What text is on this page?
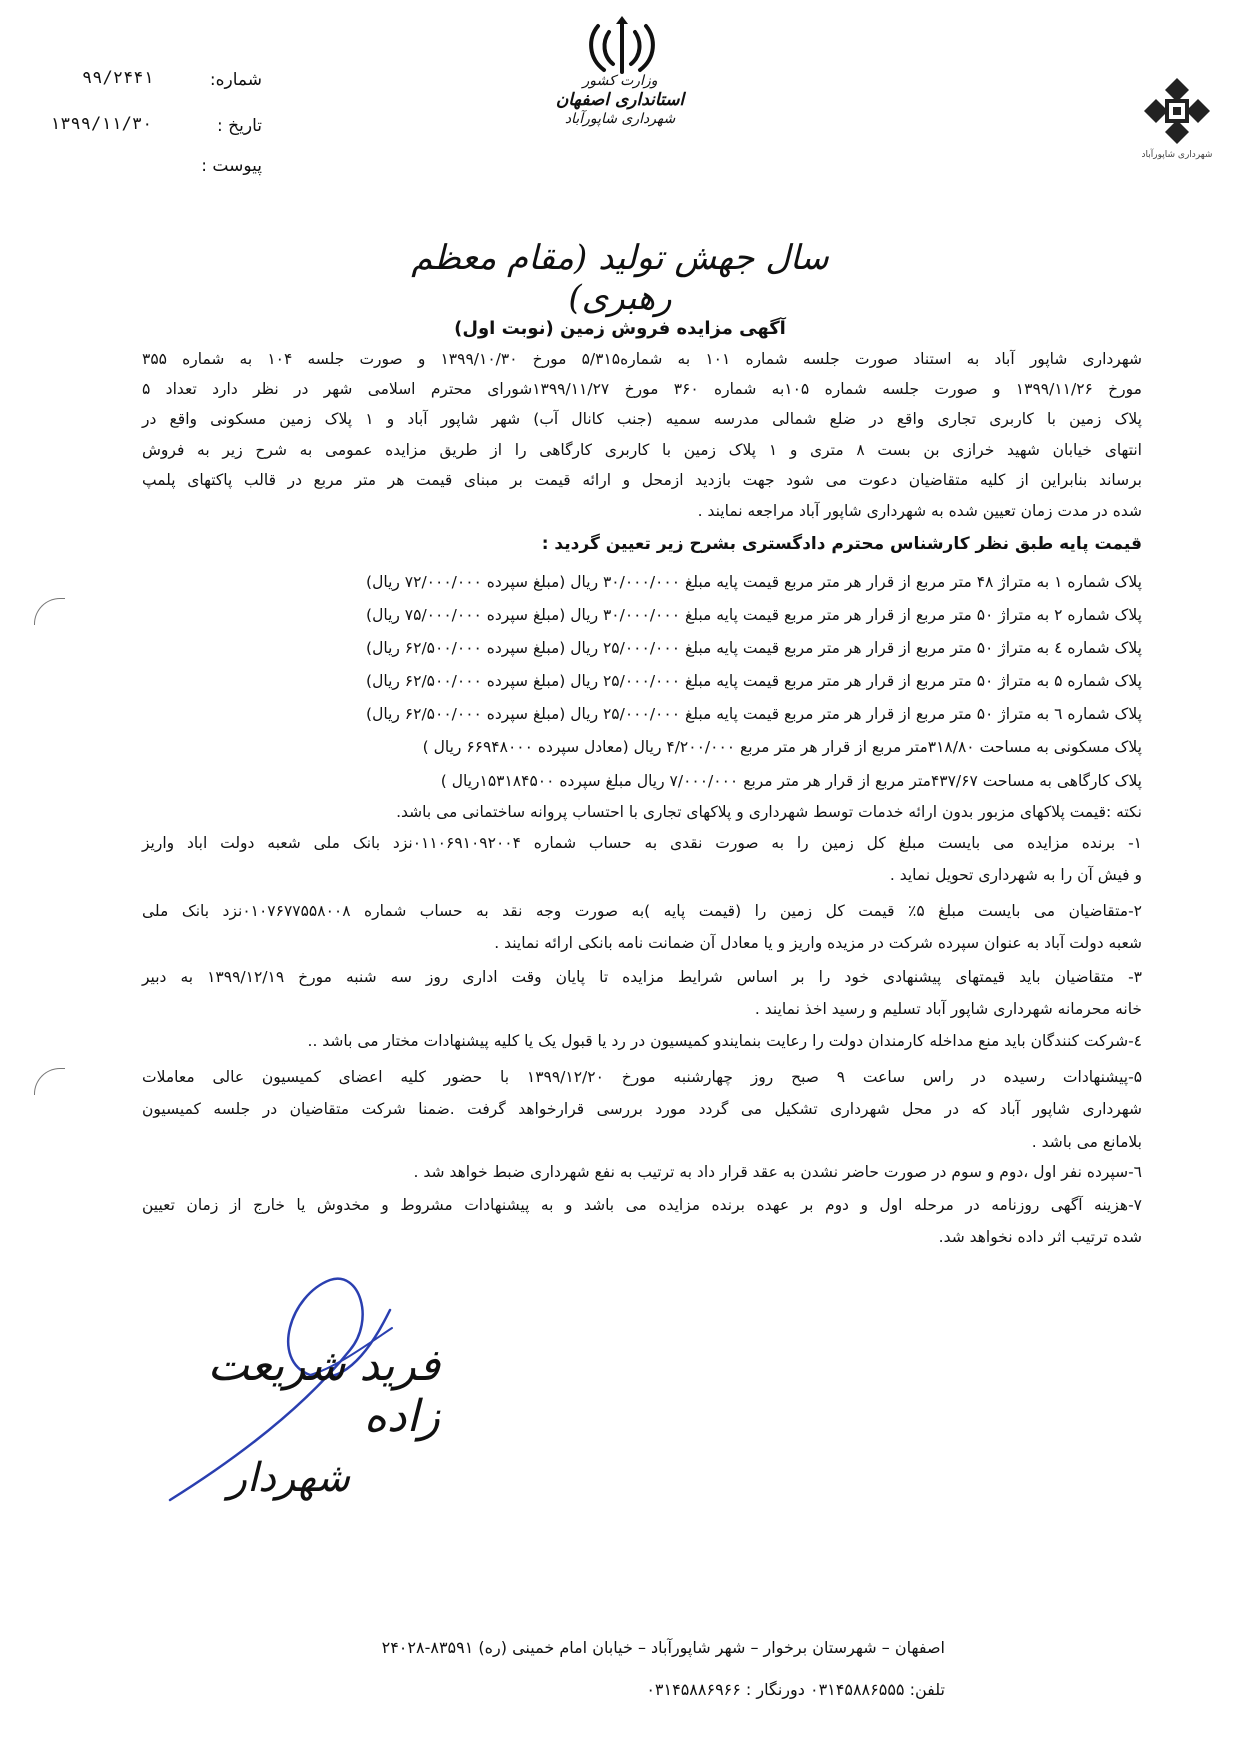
شماره:
۹۹/۲۴۴۱
تاریخ :
۱۳۹۹/۱۱/۳۰
پیوست :
وزارت کشور
استانداری اصفهان
شهرداری شاپورآباد
شهرداری شاپورآباد
سال جهش تولید (مقام معظم رهبری)
آگهی مزایده فروش زمین (نوبت اول)
شهرداری شاپور آباد به استناد صورت جلسه شماره ۱۰۱ به شماره۵/۳۱۵ مورخ ۱۳۹۹/۱۰/۳۰ و صورت جلسه ۱۰۴ به شماره ۳۵۵
مورخ ۱۳۹۹/۱۱/۲۶ و صورت جلسه شماره ۱۰۵به شماره ۳۶۰ مورخ ۱۳۹۹/۱۱/۲۷شورای محترم اسلامی شهر در نظر دارد تعداد ۵
پلاک زمین با کاربری تجاری واقع در ضلع شمالی مدرسه سمیه (جنب کانال آب) شهر شاپور آباد و ۱ پلاک زمین مسکونی واقع در
انتهای خیابان شهید خرازی بن بست ۸ متری و ۱ پلاک زمین با کاربری کارگاهی را از طریق مزایده عمومی به شرح زیر به فروش
برساند بنابراین از کلیه متقاضیان دعوت می شود جهت بازدید ازمحل و ارائه قیمت بر مبنای قیمت هر متر مربع در قالب پاکتهای پلمپ
شده در مدت زمان تعیین شده به شهرداری شاپور آباد مراجعه نمایند .
قیمت پایه طبق نظر کارشناس محترم دادگستری بشرح زیر تعیین گردید :
پلاک شماره ۱ به متراژ ۴۸ متر مربع از قرار هر متر مربع قیمت پایه مبلغ ۳۰/۰۰۰/۰۰۰ ریال (مبلغ سپرده ۷۲/۰۰۰/۰۰۰ ریال)
پلاک شماره ۲ به متراژ ۵۰ متر مربع از قرار هر متر مربع قیمت پایه مبلغ ۳۰/۰۰۰/۰۰۰ ریال (مبلغ سپرده ۷۵/۰۰۰/۰۰۰ ریال)
پلاک شماره ٤ به متراژ ۵۰ متر مربع از قرار هر متر مربع قیمت پایه مبلغ ۲۵/۰۰۰/۰۰۰ ریال (مبلغ سپرده ۶۲/۵۰۰/۰۰۰ ریال)
پلاک شماره ۵ به متراژ ۵۰ متر مربع از قرار هر متر مربع قیمت پایه مبلغ ۲۵/۰۰۰/۰۰۰ ریال (مبلغ سپرده ۶۲/۵۰۰/۰۰۰ ریال)
پلاک شماره ٦ به متراژ ۵۰ متر مربع از قرار هر متر مربع قیمت پایه مبلغ ۲۵/۰۰۰/۰۰۰ ریال (مبلغ سپرده ۶۲/۵۰۰/۰۰۰ ریال)
پلاک مسکونی به مساحت ۳۱۸/۸۰متر مربع از قرار هر متر مربع ۴/۲۰۰/۰۰۰ ریال (معادل سپرده ۶۶۹۴۸۰۰۰ ریال )
پلاک کارگاهی به مساحت ۴۳۷/۶۷متر مربع از قرار هر متر مربع ۷/۰۰۰/۰۰۰ ریال مبلغ سپرده ۱۵۳۱۸۴۵۰۰ریال )
نکته :قیمت پلاکهای مزبور بدون ارائه خدمات توسط شهرداری و پلاکهای تجاری با احتساب پروانه ساختمانی می باشد.
۱- برنده مزایده می بایست مبلغ کل زمین را به صورت نقدی به حساب شماره ۰۱۱۰۶۹۱۰۹۲۰۰۴نزد بانک ملی شعبه دولت اباد واریز
و فیش آن را به شهرداری تحویل نماید .
۲-متقاضیان می بایست مبلغ ۵٪ قیمت کل زمین را (قیمت پایه )به صورت وجه نقد به حساب شماره ۰۱۰۷۶۷۷۵۵۸۰۰۸نزد بانک ملی
شعبه دولت آباد به عنوان سپرده شرکت در مزیده واریز و یا معادل آن ضمانت نامه بانکی ارائه نمایند .
۳- متقاضیان باید قیمتهای پیشنهادی خود را بر اساس شرایط مزایده تا پایان وقت اداری روز سه شنبه مورخ ۱۳۹۹/۱۲/۱۹ به دبیر
خانه محرمانه شهرداری شاپور آباد تسلیم و رسید اخذ نمایند .
٤-شرکت کنندگان باید منع مداخله کارمندان دولت را رعایت بنمایندو کمیسیون در رد یا قبول یک یا کلیه پیشنهادات مختار می باشد ..
۵-پیشنهادات رسیده در راس ساعت ۹ صبح روز چهارشنبه مورخ ۱۳۹۹/۱۲/۲۰ با حضور کلیه اعضای کمیسیون عالی معاملات
شهرداری شاپور آباد که در محل شهرداری تشکیل می گردد مورد بررسی قرارخواهد گرفت .ضمنا شرکت متقاضیان در جلسه کمیسیون
بلامانع می باشد .
٦-سپرده نفر اول ،دوم و سوم در صورت حاضر نشدن به عقد قرار داد به ترتیب به نفع شهرداری ضبط خواهد شد .
۷-هزینه آگهی روزنامه در مرحله اول و دوم بر عهده برنده مزایده می باشد و به پیشنهادات مشروط و مخدوش یا خارج از زمان تعیین
شده ترتیب اثر داده نخواهد شد.
فرید شریعت زاده
شهردار
اصفهان – شهرستان برخوار – شهر شاپورآباد – خیابان امام خمینی (ره) ۸۳۵۹۱-۲۴۰۲۸
تلفن: ۰۳۱۴۵۸۸۶۵۵۵ دورنگار : ۰۳۱۴۵۸۸۶۹۶۶
